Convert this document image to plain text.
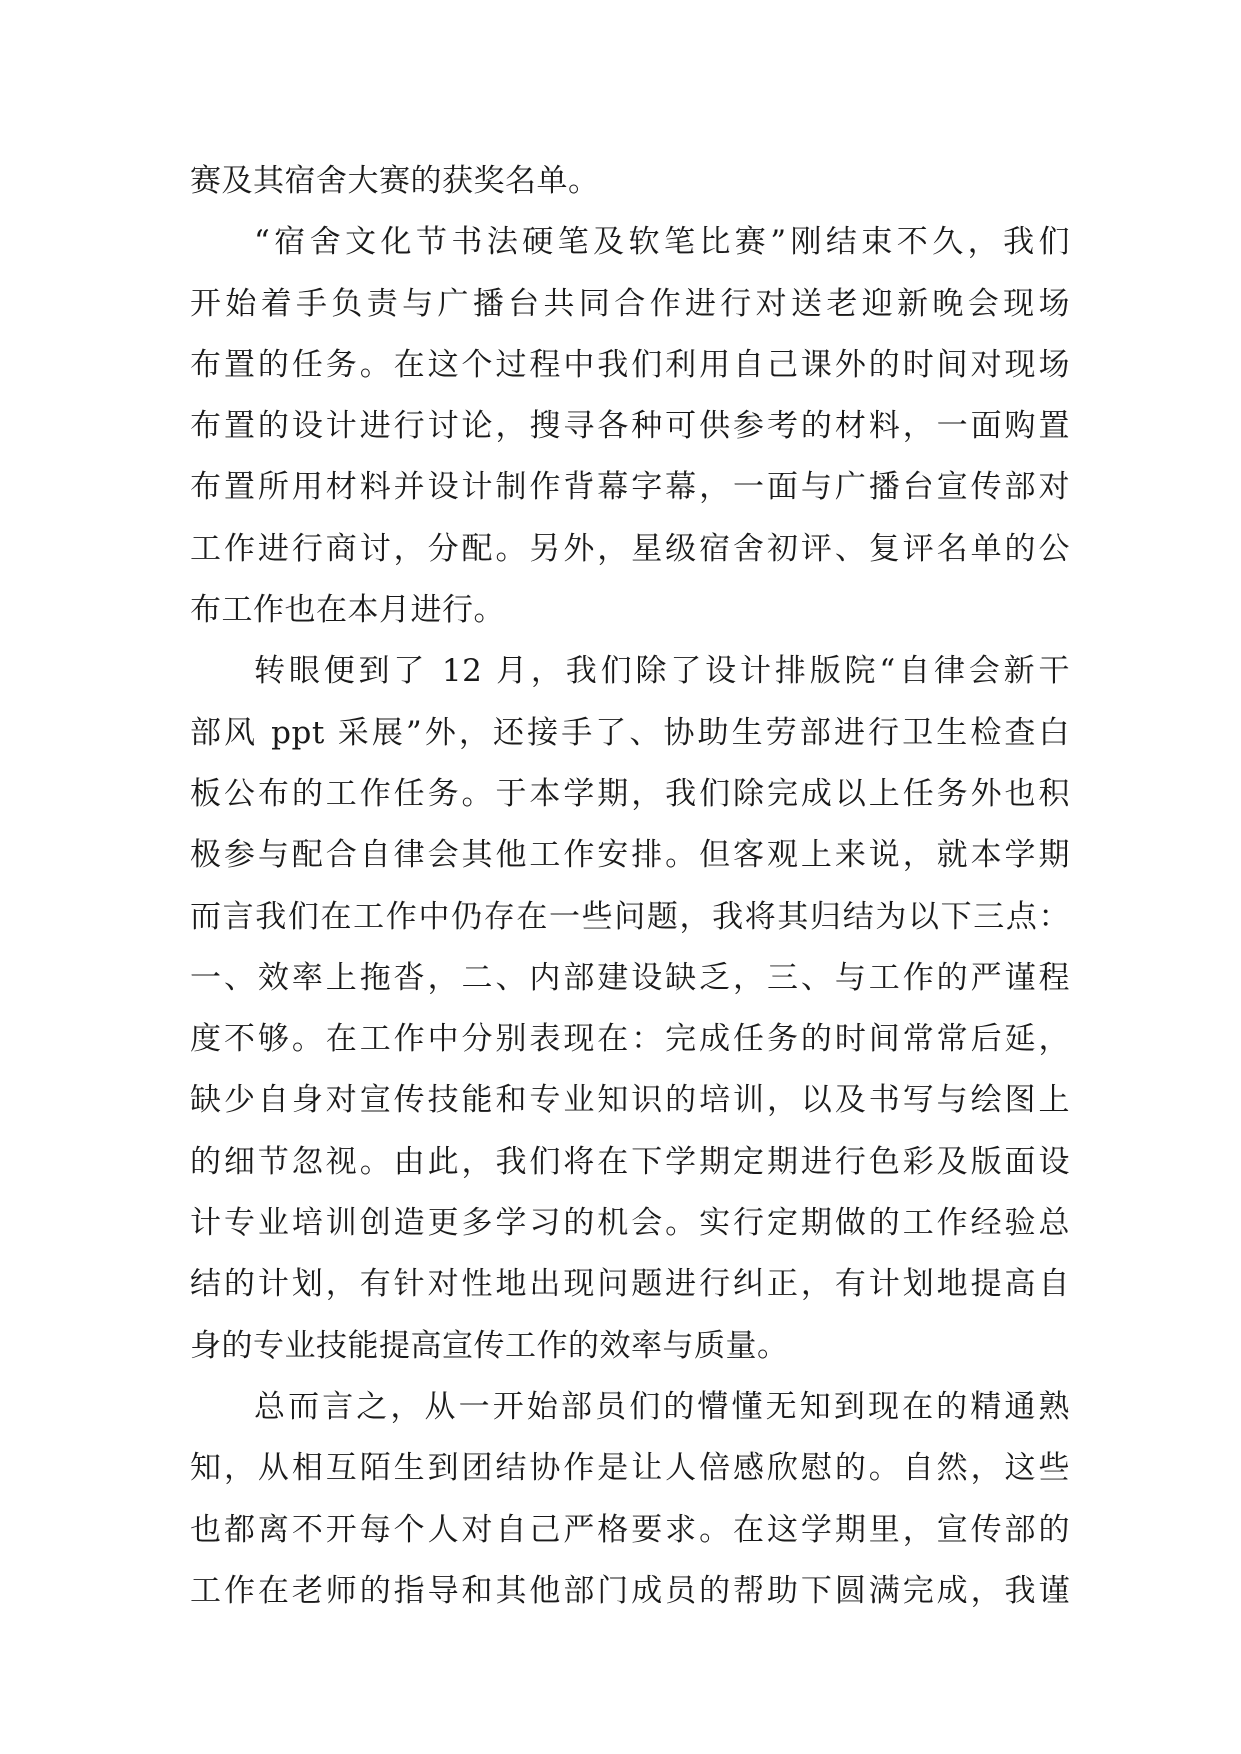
赛及其宿舍大赛的获奖名单。
“宿舍文化节书法硬笔及软笔比赛”刚结束不久，我们
开始着手负责与广播台共同合作进行对送老迎新晚会现场
布置的任务。在这个过程中我们利用自己课外的时间对现场
布置的设计进行讨论，搜寻各种可供参考的材料，一面购置
布置所用材料并设计制作背幕字幕，一面与广播台宣传部对
工作进行商讨，分配。另外，星级宿舍初评、复评名单的公
布工作也在本月进行。
转眼便到了 12 月，我们除了设计排版院“自律会新干
部风 ppt 采展”外，还接手了、协助生劳部进行卫生检查白
板公布的工作任务。于本学期，我们除完成以上任务外也积
极参与配合自律会其他工作安排。但客观上来说，就本学期
而言我们在工作中仍存在一些问题，我将其归结为以下三点：
一、效率上拖沓，二、内部建设缺乏，三、与工作的严谨程
度不够。在工作中分别表现在：完成任务的时间常常后延，
缺少自身对宣传技能和专业知识的培训，以及书写与绘图上
的细节忽视。由此，我们将在下学期定期进行色彩及版面设
计专业培训创造更多学习的机会。实行定期做的工作经验总
结的计划，有针对性地出现问题进行纠正，有计划地提高自
身的专业技能提高宣传工作的效率与质量。
总而言之，从一开始部员们的懵懂无知到现在的精通熟
知，从相互陌生到团结协作是让人倍感欣慰的。自然，这些
也都离不开每个人对自己严格要求。在这学期里，宣传部的
工作在老师的指导和其他部门成员的帮助下圆满完成，我谨
